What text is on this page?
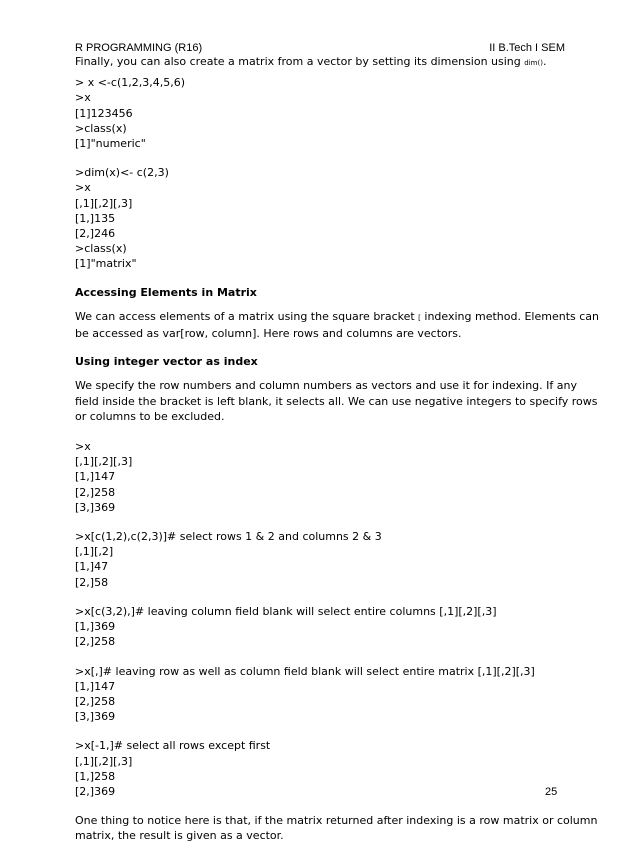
R PROGRAMMING (R16)	II B.Tech I SEM
Finally, you can also create a matrix from a vector by setting its dimension using dim().
> x <-c(1,2,3,4,5,6)
>x
[1]123456
>class(x)
[1]"numeric"
>dim(x)<- c(2,3)
>x
[,1][,2][,3]
[1,]135
[2,]246
>class(x)
[1]"matrix"
Accessing Elements in Matrix
We can access elements of a matrix using the square bracket [ indexing method. Elements can
be accessed as var[row, column]. Here rows and columns are vectors.
Using integer vector as index
We specify the row numbers and column numbers as vectors and use it for indexing. If any
field inside the bracket is left blank, it selects all. We can use negative integers to specify rows
or columns to be excluded.
>x
[,1][,2][,3]
[1,]147
[2,]258
[3,]369
>x[c(1,2),c(2,3)]# select rows 1 & 2 and columns 2 & 3
[,1][,2]
[1,]47
[2,]58
>x[c(3,2),]# leaving column field blank will select entire columns [,1][,2][,3]
[1,]369
[2,]258
>x[,]# leaving row as well as column field blank will select entire matrix [,1][,2][,3]
[1,]147
[2,]258
[3,]369
>x[-1,]# select all rows except first
[,1][,2][,3]
[1,]258
[2,]369
One thing to notice here is that, if the matrix returned after indexing is a row matrix or column
matrix, the result is given as a vector.
25
